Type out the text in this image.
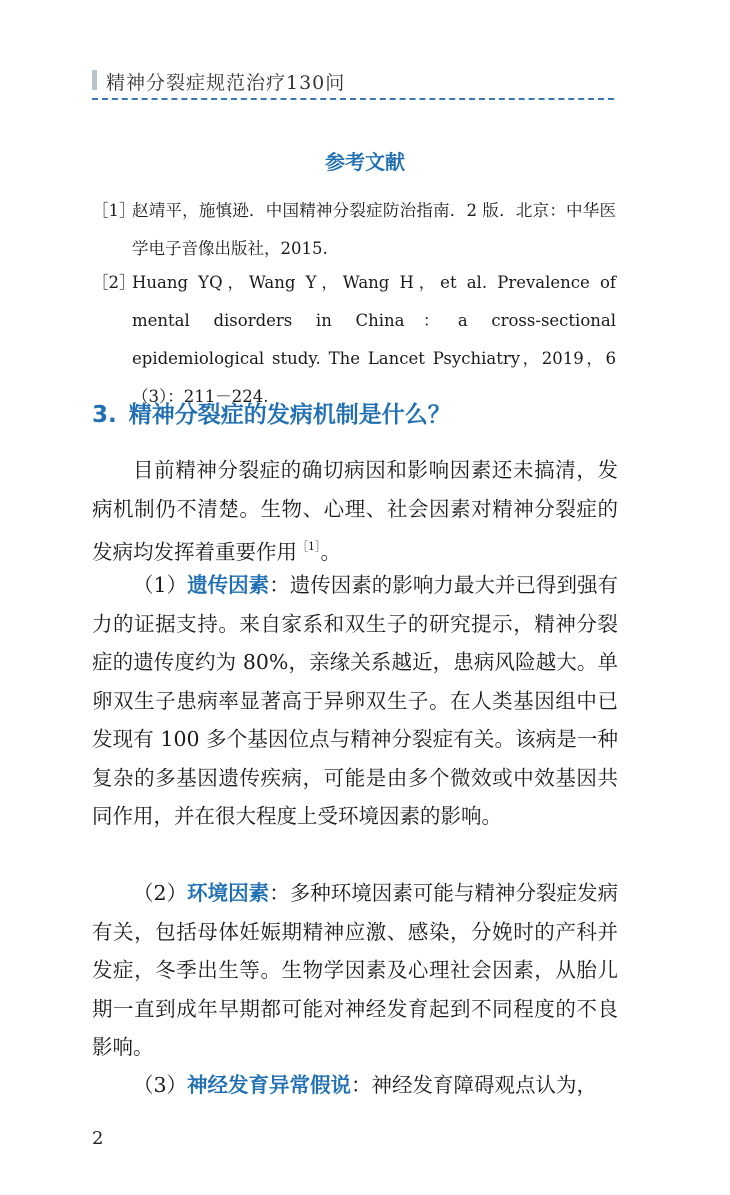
精神分裂症规范治疗130问
参考文献
［1］
赵靖平，施慎逊．中国精神分裂症防治指南．2 版．北京：中华医学电子音像出版社，2015.
［2］
Huang YQ，Wang Y，Wang H，et al. Prevalence of mental disorders in China：a cross-sectional epidemiological study. The Lancet Psychiatry，2019，6（3）：211－224.
3. 精神分裂症的发病机制是什么？
目前精神分裂症的确切病因和影响因素还未搞清，发病机制仍不清楚。生物、心理、社会因素对精神分裂症的发病均发挥着重要作用$^{[1]}$。
（1）遗传因素：遗传因素的影响力最大并已得到强有力的证据支持。来自家系和双生子的研究提示，精神分裂症的遗传度约为 80%，亲缘关系越近，患病风险越大。单卵双生子患病率显著高于异卵双生子。在人类基因组中已发现有 100 多个基因位点与精神分裂症有关。该病是一种复杂的多基因遗传疾病，可能是由多个微效或中效基因共同作用，并在很大程度上受环境因素的影响。
（2）环境因素：多种环境因素可能与精神分裂症发病有关，包括母体妊娠期精神应激、感染，分娩时的产科并发症，冬季出生等。生物学因素及心理社会因素，从胎儿期一直到成年早期都可能对神经发育起到不同程度的不良影响。
（3）神经发育异常假说：神经发育障碍观点认为，
2
